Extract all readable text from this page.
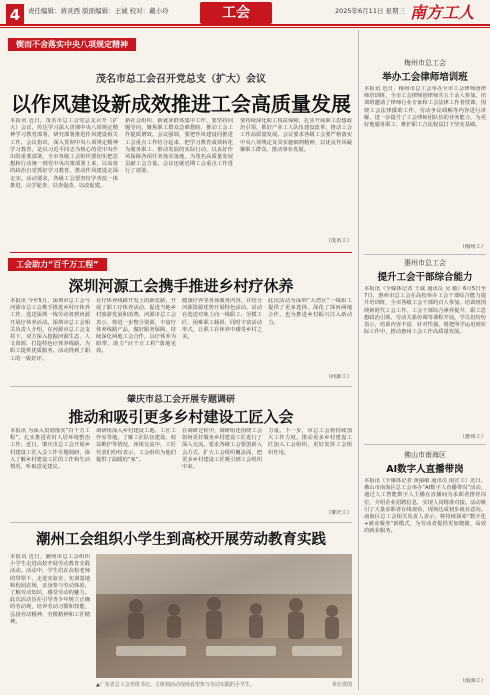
4	责任编辑：蒋灵西 版面编辑：王诚 校对：戴小玲	工会	2025年6月11日 星期三 南方工人
锲而不舍落实中央八项规定精神
茂名市总工会召开党总支（扩大）会议
以作风建设新成效推进工会高质量发展
本报讯 近日，茂名市总工会党总支召开（扩大）会议，传达学习深入贯彻中央八项规定精神学习教育部署，研究部署推进作风建设相关工作。会议指出，深入贯彻中央八项规定精神学习教育，是以习近平同志为核心的党中央作出的重要部署，全市各级工会组织要切实把思想和行动统一到党中央决策部署上来，以高度的政治自觉抓好学习教育，推动作风建设走深走实。活动要求，各级工会要坚持学查改一体推进，以学促查、以查促改、以改促建。
新社会组织、新就业群体集中工作，要坚持问题导向，聚焦职工群众急难愁盼，推动工会工作提质增效。会议强调，要把作风建设同推进工会重点工作结合起来，把学习教育成效转化为服务职工、推动发展的实际行动，以良好作风保障各项任务落实落地，为茂名高质量发展贡献工会力量。会议还就近期工会重点工作进行了部署。
要持续深化职工权益保障，扎实开展职工思想政治引领，抓好产业工人队伍建设改革，推动工会工作高质量发展。会议要求各级工会要严格落实中央八项规定及其实施细则精神，以优良作风凝聚职工群众、推动事业发展。
（茂名工）
工会助力“百千万工程”
深圳河源工会携手推进乡村疗休养
本报讯 今年5月，深圳市总工会与河源市总工会携手推进乡村疗休养工作，选送深圳一线劳动者到河源开展疗休养活动。深圳市总工会相关负责人介绍，在河源市总工会支持下，双方深入挖掘河源生态、人文资源，打造特色疗休养线路，为职工提供优质服务。活动得到了职工的一致好评。
在疗休养线路开发上的新思路，开展了职工疗休养活动，促进当地乡村旅游发展和消费。河源市总工会表示，将进一步整合资源，丰富疗休养线路产品，做好服务保障，持续深化两地工会合作，以疗休养为纽带，助力“百千万工程”落地见效。
健康疗养等各项服务内容，并结合河源资源优势开展特色活动。活动在选送对象上向一线职工、劳模工匠、困难职工倾斜，同时丰富活动形式，让职工在休养中感受乡村之美。
此次活动为深圳“大湾区”一线职工提供了更多选择，深化了深河两地合作，也为推进乡村振兴注入新动力。
（河源工）
肇庆市总工会开展专题调研
推动和吸引更多乡村建设工匠入会
本报讯 为深入贯彻落实“百千万工程”，扎实推进农村人居环境整治工作，近日，肇庆市总工会开展乡村建设工匠入会工作专题调研，深入了解乡村建设工匠的工作和生活情况，听取意见建议。
调研组深入乡村建设工地、工匠工作室等地，了解工匠队伍建设、权益维护等情况，座谈交流中，工匠代表们纷纷表示，工会组织为他们提供了温暖的“家”。
在调研过程中，调研组还围绕工会如何更好服务乡村建设工匠进行了深入交流，要求各级工会要创新入会方式，扩大工会组织覆盖面，把更多乡村建设工匠吸引到工会组织中来。
力量。下一步，市总工会将持续加大工作力度，推动更多乡村建设工匠加入工会组织，更好发挥工会组织作用。
（肇庆工）
潮州工会组织小学生到高校开展劳动教育实践
本报讯 近日，潮州市总工会组织小学生走进高校开展劳动教育实践活动。活动中，学生们在高校老师的带领下，走进实验室、实训基地和校园农场，亲身参与劳动体验，了解劳动知识，感受劳动的魅力。此次活动旨在引导青少年树立正确的劳动观，培养劳动习惯和技能，弘扬劳动精神、劳模精神和工匠精神。
▲广东省总工会党组书记、主席到活动现场看望参与劳动实践的小学生。	单位供图
梅州市总工会
举办工会律师培训班
本报讯 近日，梅州市总工会举办全市工会律师团律师培训班，全市工会律师团律师共五十余人参加。培训班邀请了律师行业专家和工会法律工作者授课，围绕工会法律援助工作、劳动争议调解等内容进行讲解，进一步提升了工会律师团队伍的业务能力，为更好地服务职工、维护职工合法权益打下坚实基础。
（梅州工）
惠州市总工会
提升工会干部综合能力
本报讯（全媒体记者 王诚 通讯员 吴 敏）6月5日至7日，惠州市总工会在高校举办工会干部综合能力提升培训班，全市各级工会干部约百人参加。培训班围绕新时代工会工作、工会干部综合素养提升、职工思想政治引领、劳动关系协调等课程开展。学员们纷纷表示，培训内容丰富、针对性强，将把所学运用到实际工作中，推动惠州工会工作高质量发展。
（惠州工）
佛山市南海区
AI数字人直播带岗
本报讯（全媒体记者 黄丽敏 通讯员 南宣工）近日，佛山市南海区总工会举办“AI数字人直播带岗”活动，通过人工智能数字人主播在直播间为求职者推荐岗位，介绍企业招聘信息，实现人岗精准对接。活动吸引了大量求职者在线观看，现场达成初步就业意向。南海区总工会相关负责人表示，将持续探索“数字化+就业服务”新模式，为劳动者提供更加便捷、高效的就业服务。
（南海工）
